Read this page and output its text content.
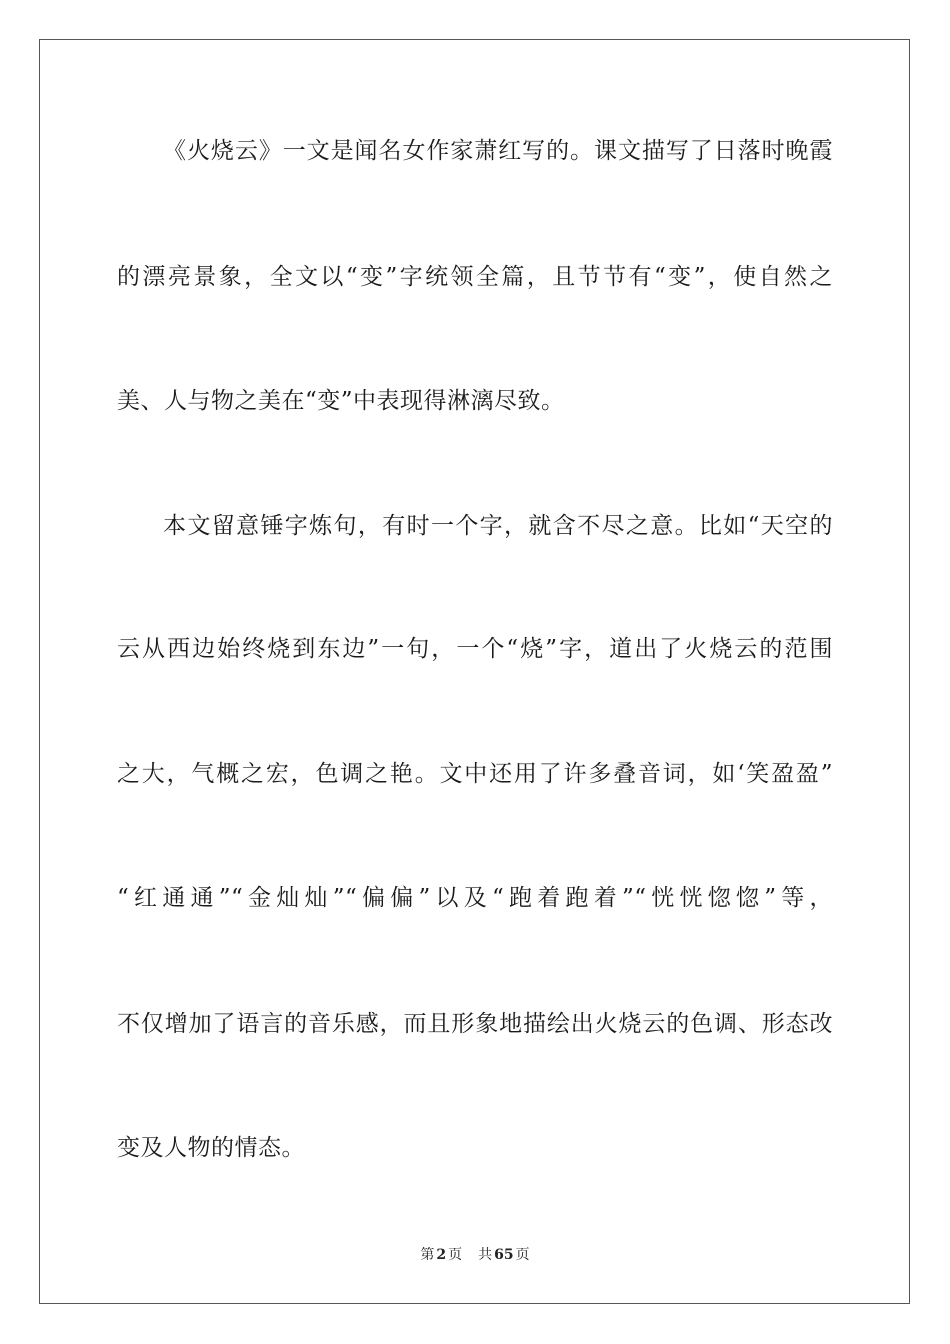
《火烧云》一文是闻名女作家萧红写的。课文描写了日落时晚霞
的漂亮景象，全文以“变”字统领全篇，且节节有“变”，使自然之
美、人与物之美在“变”中表现得淋漓尽致。
本文留意锤字炼句，有时一个字，就含不尽之意。比如“天空的
云从西边始终烧到东边”一句，一个“烧”字，道出了火烧云的范围
之大，气概之宏，色调之艳。文中还用了许多叠音词，如‘笑盈盈”
“红通通”“金灿灿”“偏偏”以及“跑着跑着”“恍恍惚惚”等，
不仅增加了语言的音乐感，而且形象地描绘出火烧云的色调、形态改
变及人物的情态。
第 2 页 共 65 页
